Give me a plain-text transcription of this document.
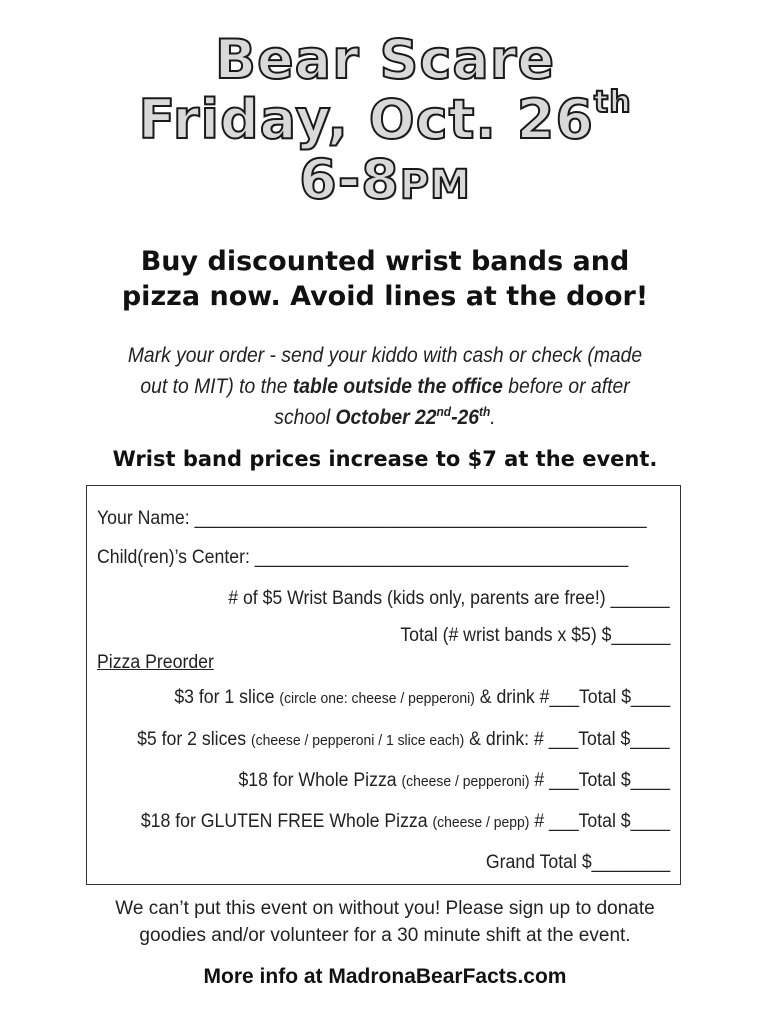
Bear Scare
Friday, Oct. 26th
6-8PM
Buy discounted wrist bands and
pizza now. Avoid lines at the door!
Mark your order - send your kiddo with cash or check (made out to MIT) to the table outside the office before or after school October 22nd-26th.
Wrist band prices increase to $7 at the event.
Your Name: ______________________________________________
Child(ren)’s Center: ______________________________________
# of $5 Wrist Bands (kids only, parents are free!) ______
Total (# wrist bands x $5) $______
Pizza Preorder
$3 for 1 slice (circle one: cheese / pepperoni) & drink #___Total $____
$5 for 2 slices (cheese / pepperoni / 1 slice each) & drink: # ___Total $____
$18 for Whole Pizza (cheese / pepperoni) # ___Total $____
$18 for GLUTEN FREE Whole Pizza (cheese / pepp) # ___Total $____
Grand Total $________
We can’t put this event on without you! Please sign up to donate
goodies and/or volunteer for a 30 minute shift at the event.
More info at MadronaBearFacts.com
